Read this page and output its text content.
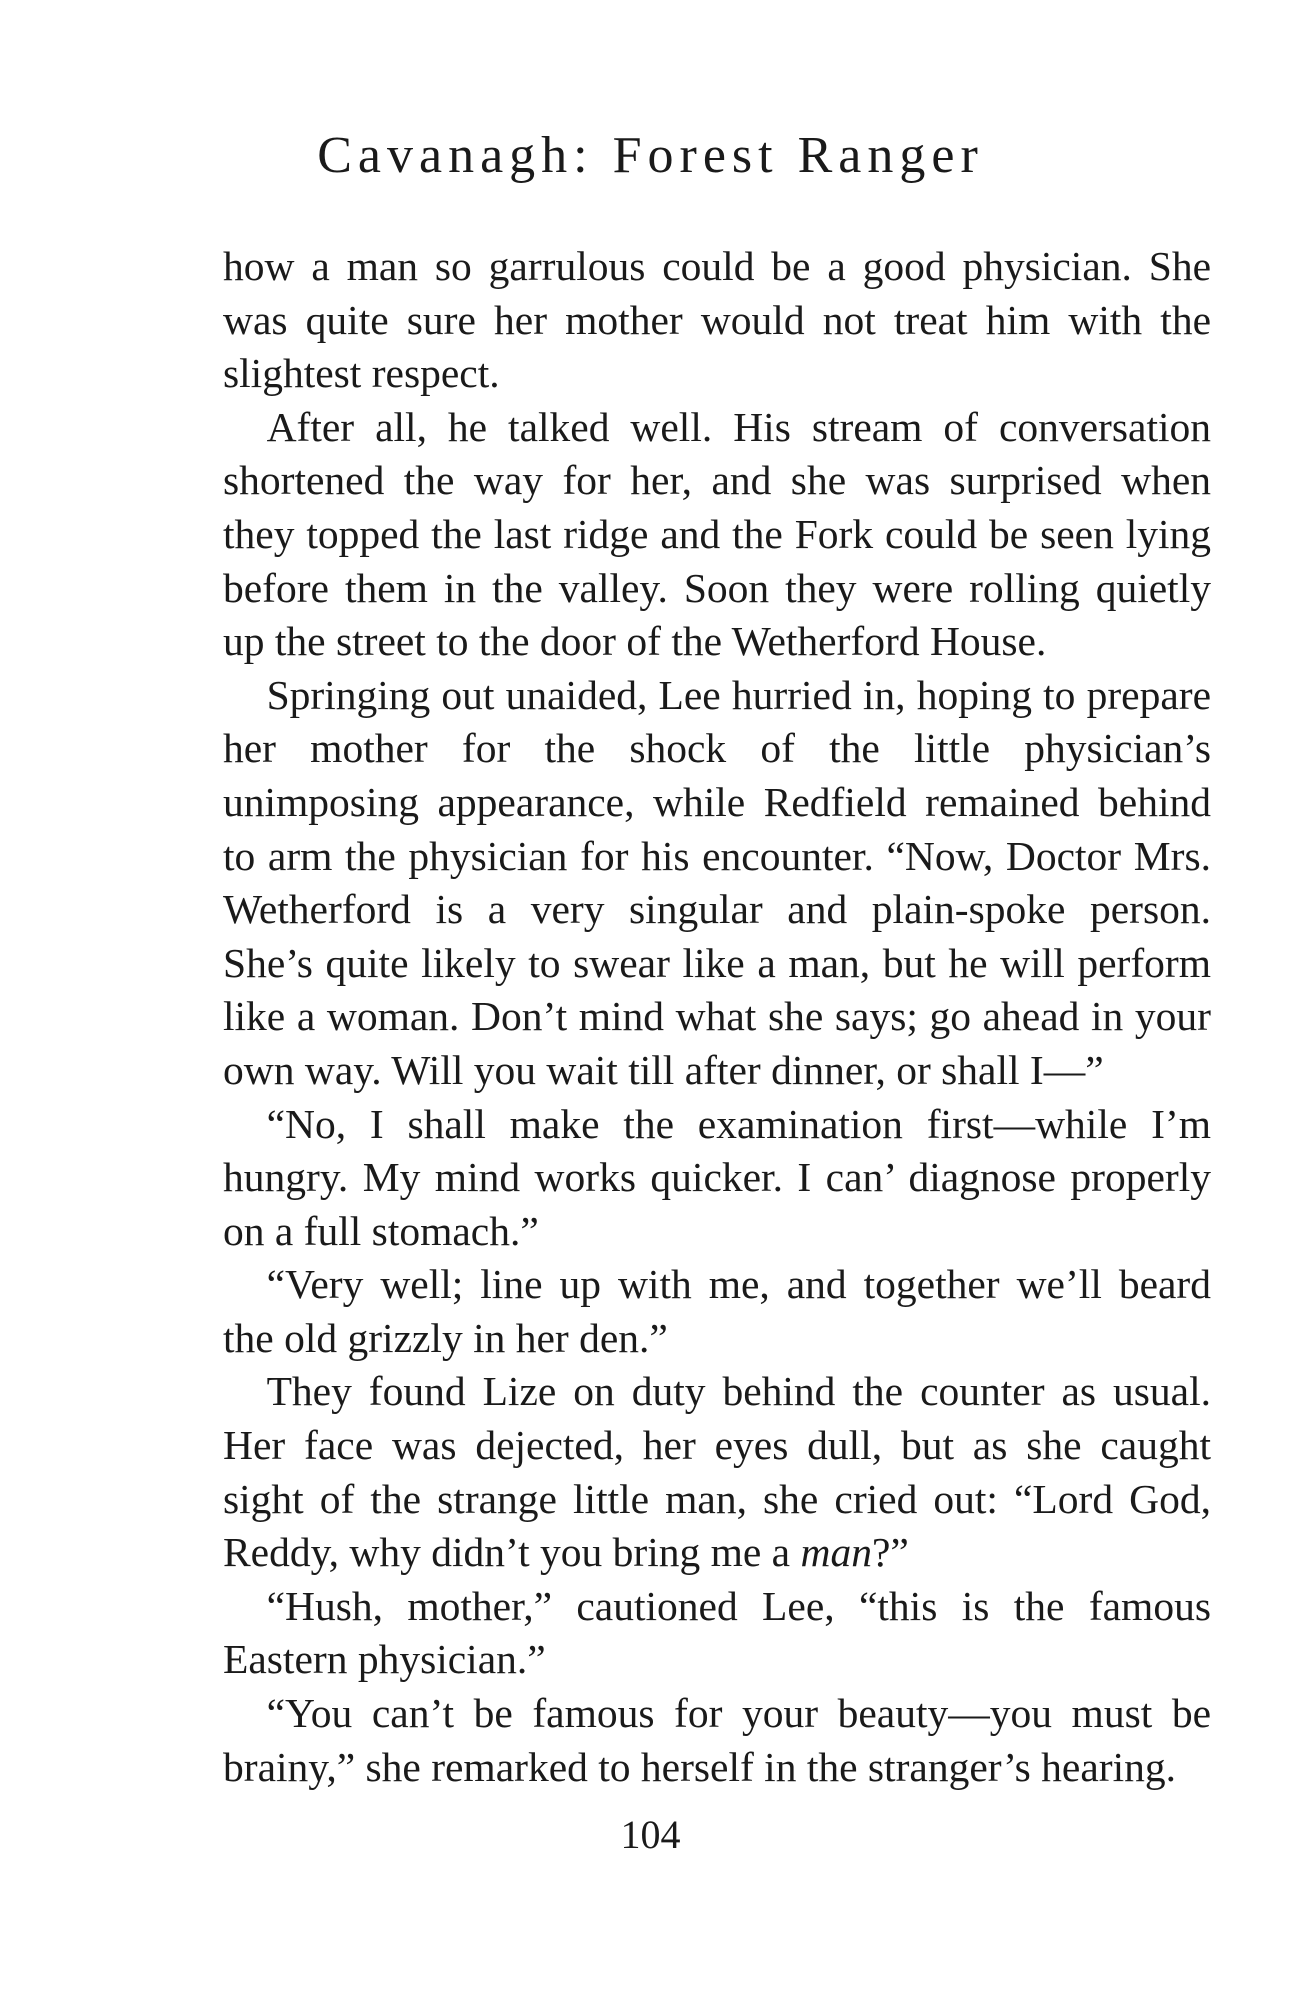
Cavanagh: Forest Ranger

how a man so garrulous could be a good physician. She was quite sure her mother would not treat him with the slightest respect.

After all, he talked well. His stream of conversation shortened the way for her, and she was surprised when they topped the last ridge and the Fork could be seen lying before them in the valley. Soon they were rolling quietly up the street to the door of the Wetherford House.

Springing out unaided, Lee hurried in, hoping to prepare her mother for the shock of the little physician’s unimposing appearance, while Redfield remained behind to arm the physician for his encounter. “Now, Doctor Mrs. Wetherford is a very singular and plain-spoke person. She’s quite likely to swear like a man, but he will perform like a woman. Don’t mind what she says; go ahead in your own way. Will you wait till after dinner, or shall I—”

“No, I shall make the examination first—while I’m hungry. My mind works quicker. I can’ diagnose properly on a full stomach.”

“Very well; line up with me, and together we’ll beard the old grizzly in her den.”

They found Lize on duty behind the counter as usual. Her face was dejected, her eyes dull, but as she caught sight of the strange little man, she cried out: “Lord God, Reddy, why didn’t you bring me a man?”

“Hush, mother,” cautioned Lee, “this is the famous Eastern physician.”

“You can’t be famous for your beauty—you must be brainy,” she remarked to herself in the stranger’s hearing.

104
